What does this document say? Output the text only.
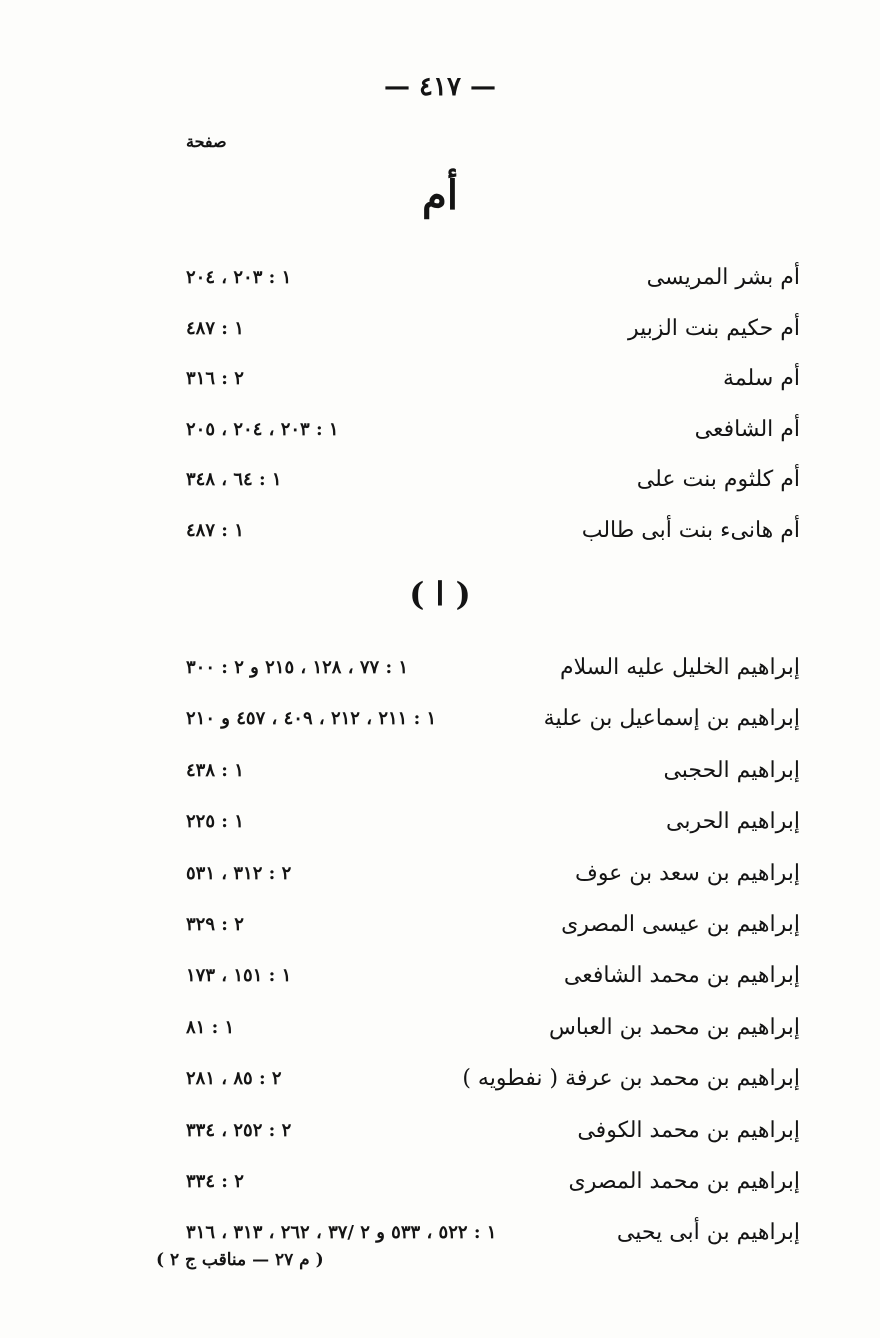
— ٤١٧ —
صفحة
أم
أم بشر المريسى
١ : ٢٠٣ ، ٢٠٤
أم حكيم بنت الزبير
١ : ٤٨٧
أم سلمة
٢ : ٣١٦
أم الشافعى
١ : ٢٠٣ ، ٢٠٤ ، ٢٠٥
أم كلثوم بنت على
١ : ٦٤ ، ٣٤٨
أم هانىء بنت أبى طالب
١ : ٤٨٧
( ا )
إبراهيم الخليل عليه السلام
١ : ٧٧ ، ١٢٨ ، ٢١٥ و ٢ : ٣٠٠
إبراهيم بن إسماعيل بن علية
١ : ٢١١ ، ٢١٢ ، ٤٠٩ ، ٤٥٧ و ٢١٠
إبراهيم الحجبى
١ : ٤٣٨
إبراهيم الحربى
١ : ٢٢٥
إبراهيم بن سعد بن عوف
٢ : ٣١٢ ، ٥٣١
إبراهيم بن عيسى المصرى
٢ : ٣٢٩
إبراهيم بن محمد الشافعى
١ : ١٥١ ، ١٧٣
إبراهيم بن محمد بن العباس
١ : ٨١
إبراهيم بن محمد بن عرفة ( نفطويه )
٢ : ٨٥ ، ٢٨١
إبراهيم بن محمد الكوفى
٢ : ٢٥٢ ، ٣٣٤
إبراهيم بن محمد المصرى
٢ : ٣٣٤
إبراهيم بن أبى يحيى
١ : ٥٢٢ ، ٥٣٣ و ٢ /٣٧ ، ٢٦٢ ، ٣١٣ ، ٣١٦
( م ٢٧ — مناقب ج ٢ )
